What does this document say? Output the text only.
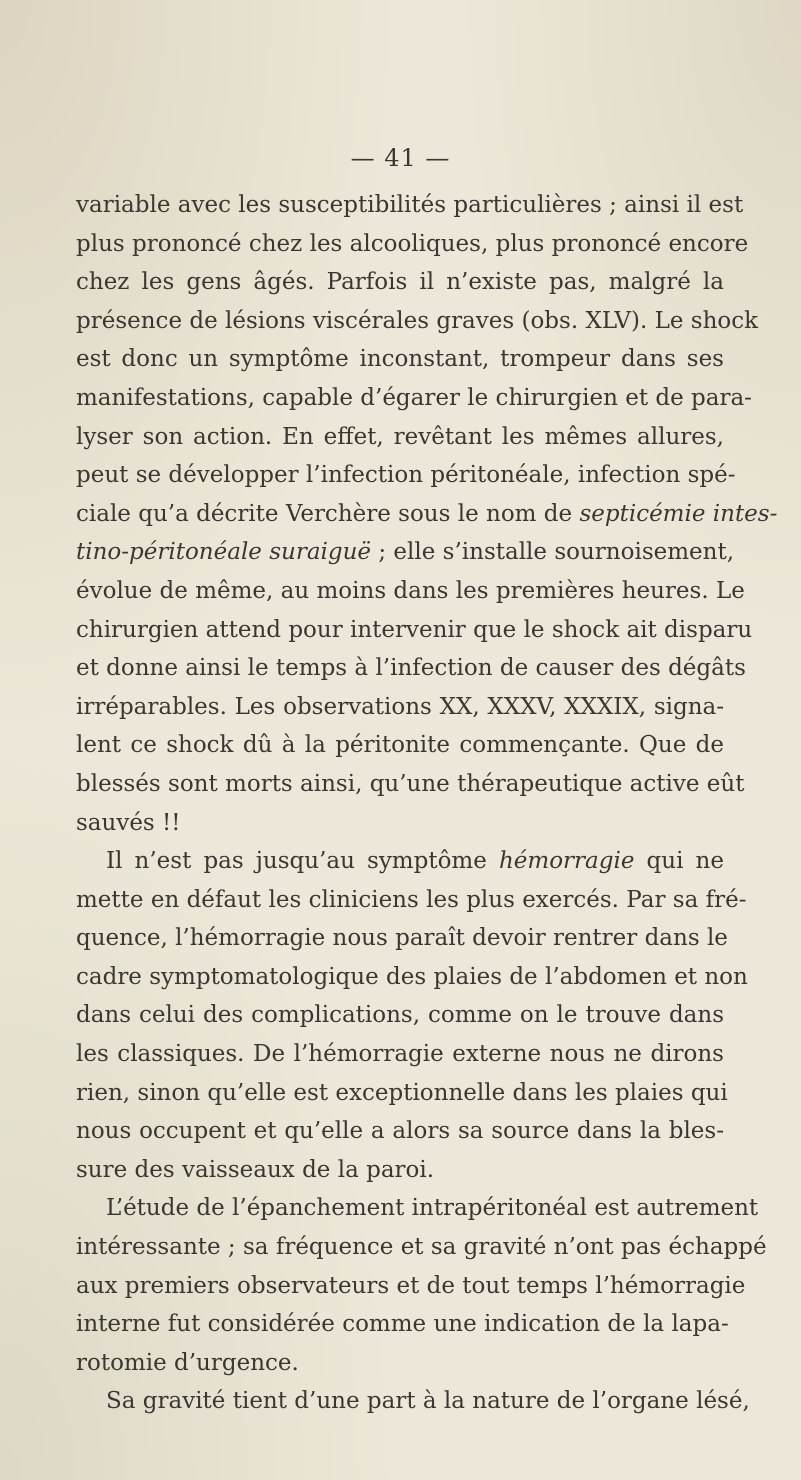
— 41 —
variable avec les susceptibilités particulières ; ainsi il est
plus prononcé chez les alcooliques, plus prononcé encore
chez les gens âgés. Parfois il n’existe pas, malgré la
présence de lésions viscérales graves (obs. XLV). Le shock
est donc un symptôme inconstant, trompeur dans ses
manifestations, capable d’égarer le chirurgien et de para-
lyser son action. En effet, revêtant les mêmes allures,
peut se développer l’infection péritonéale, infection spé-
ciale qu’a décrite Verchère sous le nom de septicémie intes-
tino-péritonéale suraiguë ; elle s’installe sournoisement,
évolue de même, au moins dans les premières heures. Le
chirurgien attend pour intervenir que le shock ait disparu
et donne ainsi le temps à l’infection de causer des dégâts
irréparables. Les observations XX, XXXV, XXXIX, signa-
lent ce shock dû à la péritonite commençante. Que de
blessés sont morts ainsi, qu’une thérapeutique active eût
sauvés !!
Il n’est pas jusqu’au symptôme hémorragie qui ne
mette en défaut les cliniciens les plus exercés. Par sa fré-
quence, l’hémorragie nous paraît devoir rentrer dans le
cadre symptomatologique des plaies de l’abdomen et non
dans celui des complications, comme on le trouve dans
les classiques. De l’hémorragie externe nous ne dirons
rien, sinon qu’elle est exceptionnelle dans les plaies qui
nous occupent et qu’elle a alors sa source dans la bles-
sure des vaisseaux de la paroi.
L’étude de l’épanchement intrapéritonéal est autrement
intéressante ; sa fréquence et sa gravité n’ont pas échappé
aux premiers observateurs et de tout temps l’hémorragie
interne fut considérée comme une indication de la lapa-
rotomie d’urgence.
Sa gravité tient d’une part à la nature de l’organe lésé,
